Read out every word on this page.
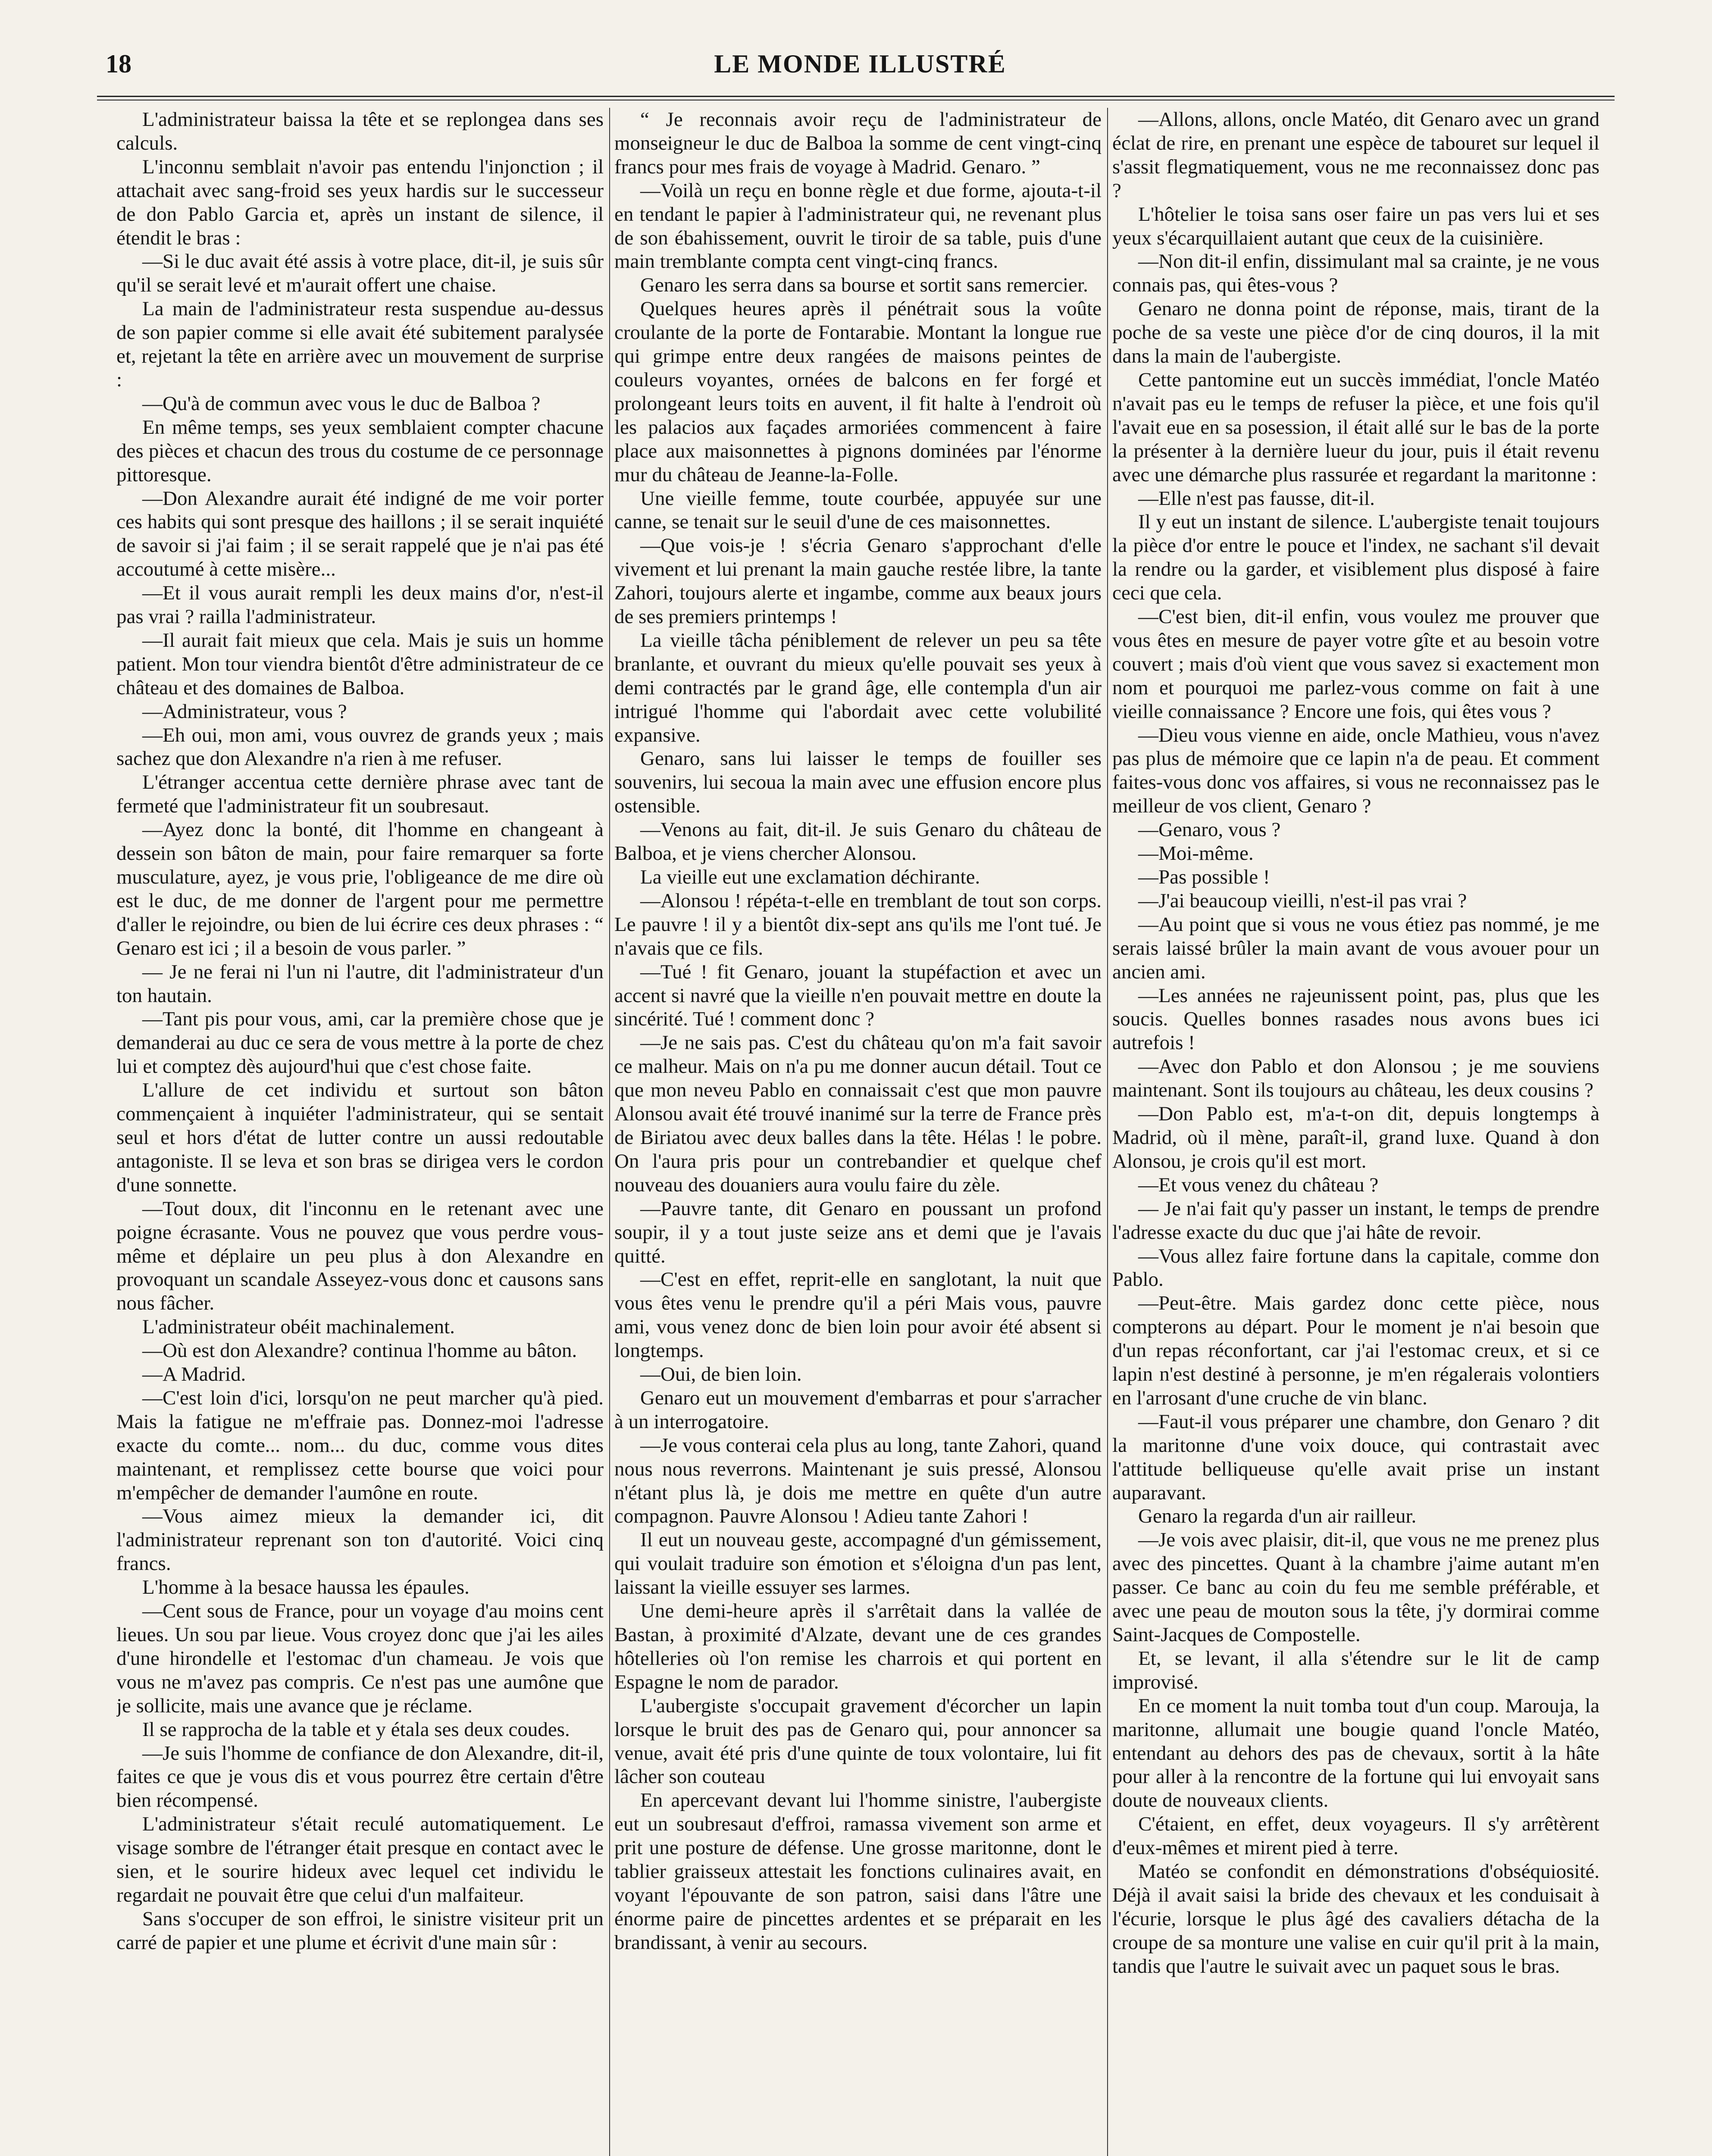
18	LE MONDE ILLUSTRÉ

L'administrateur baissa la tête et se replongea dans ses calculs.

L'inconnu semblait n'avoir pas entendu l'injonction ; il attachait avec sang-froid ses yeux hardis sur le successeur de don Pablo Garcia et, après un instant de silence, il étendit le bras :

—Si le duc avait été assis à votre place, dit-il, je suis sûr qu'il se serait levé et m'aurait offert une chaise.

La main de l'administrateur resta suspendue au-dessus de son papier comme si elle avait été subitement paralysée et, rejetant la tête en arrière avec un mouvement de surprise :

—Qu'à de commun avec vous le duc de Balboa ?

En même temps, ses yeux semblaient compter chacune des pièces et chacun des trous du costume de ce personnage pittoresque.

—Don Alexandre aurait été indigné de me voir porter ces habits qui sont presque des haillons ; il se serait inquiété de savoir si j'ai faim ; il se serait rappelé que je n'ai pas été accoutumé à cette misère...

—Et il vous aurait rempli les deux mains d'or, n'est-il pas vrai ? railla l'administrateur.

—Il aurait fait mieux que cela. Mais je suis un homme patient. Mon tour viendra bientôt d'être administrateur de ce château et des domaines de Balboa.

—Administrateur, vous ?

—Eh oui, mon ami, vous ouvrez de grands yeux ; mais sachez que don Alexandre n'a rien à me refuser.

L'étranger accentua cette dernière phrase avec tant de fermeté que l'administrateur fit un soubresaut.

—Ayez donc la bonté, dit l'homme en changeant à dessein son bâton de main, pour faire remarquer sa forte musculature, ayez, je vous prie, l'obligeance de me dire où est le duc, de me donner de l'argent pour me permettre d'aller le rejoindre, ou bien de lui écrire ces deux phrases : “ Genaro est ici ; il a besoin de vous parler. ”

— Je ne ferai ni l'un ni l'autre, dit l'administrateur d'un ton hautain.

—Tant pis pour vous, ami, car la première chose que je demanderai au duc ce sera de vous mettre à la porte de chez lui et comptez dès aujourd'hui que c'est chose faite.

L'allure de cet individu et surtout son bâton commençaient à inquiéter l'administrateur, qui se sentait seul et hors d'état de lutter contre un aussi redoutable antagoniste. Il se leva et son bras se dirigea vers le cordon d'une sonnette.

—Tout doux, dit l'inconnu en le retenant avec une poigne écrasante. Vous ne pouvez que vous perdre vous-même et déplaire un peu plus à don Alexandre en provoquant un scandale Asseyez-vous donc et causons sans nous fâcher.

L'administrateur obéit machinalement.

—Où est don Alexandre? continua l'homme au bâton.

—A Madrid.

—C'est loin d'ici, lorsqu'on ne peut marcher qu'à pied. Mais la fatigue ne m'effraie pas. Donnez-moi l'adresse exacte du comte... nom... du duc, comme vous dites maintenant, et remplissez cette bourse que voici pour m'empêcher de demander l'aumône en route.

—Vous aimez mieux la demander ici, dit l'administrateur reprenant son ton d'autorité. Voici cinq francs.

L'homme à la besace haussa les épaules.

—Cent sous de France, pour un voyage d'au moins cent lieues. Un sou par lieue. Vous croyez donc que j'ai les ailes d'une hirondelle et l'estomac d'un chameau. Je vois que vous ne m'avez pas compris. Ce n'est pas une aumône que je sollicite, mais une avance que je réclame.

Il se rapprocha de la table et y étala ses deux coudes.

—Je suis l'homme de confiance de don Alexandre, dit-il, faites ce que je vous dis et vous pourrez être certain d'être bien récompensé.

L'administrateur s'était reculé automatiquement. Le visage sombre de l'étranger était presque en contact avec le sien, et le sourire hideux avec lequel cet individu le regardait ne pouvait être que celui d'un malfaiteur.

Sans s'occuper de son effroi, le sinistre visiteur prit un carré de papier et une plume et écrivit d'une main sûr :

“ Je reconnais avoir reçu de l'administrateur de monseigneur le duc de Balboa la somme de cent vingt-cinq francs pour mes frais de voyage à Madrid. Genaro. ”

—Voilà un reçu en bonne règle et due forme, ajouta-t-il en tendant le papier à l'administrateur qui, ne revenant plus de son ébahissement, ouvrit le tiroir de sa table, puis d'une main tremblante compta cent vingt-cinq francs.

Genaro les serra dans sa bourse et sortit sans remercier.

Quelques heures après il pénétrait sous la voûte croulante de la porte de Fontarabie. Montant la longue rue qui grimpe entre deux rangées de maisons peintes de couleurs voyantes, ornées de balcons en fer forgé et prolongeant leurs toits en auvent, il fit halte à l'endroit où les palacios aux façades armoriées commencent à faire place aux maisonnettes à pignons dominées par l'énorme mur du château de Jeanne-la-Folle.

Une vieille femme, toute courbée, appuyée sur une canne, se tenait sur le seuil d'une de ces maisonnettes.

—Que vois-je ! s'écria Genaro s'approchant d'elle vivement et lui prenant la main gauche restée libre, la tante Zahori, toujours alerte et ingambe, comme aux beaux jours de ses premiers printemps !

La vieille tâcha péniblement de relever un peu sa tête branlante, et ouvrant du mieux qu'elle pouvait ses yeux à demi contractés par le grand âge, elle contempla d'un air intrigué l'homme qui l'abordait avec cette volubilité expansive.

Genaro, sans lui laisser le temps de fouiller ses souvenirs, lui secoua la main avec une effusion encore plus ostensible.

—Venons au fait, dit-il. Je suis Genaro du château de Balboa, et je viens chercher Alonsou.

La vieille eut une exclamation déchirante.

—Alonsou ! répéta-t-elle en tremblant de tout son corps. Le pauvre ! il y a bientôt dix-sept ans qu'ils me l'ont tué. Je n'avais que ce fils.

—Tué ! fit Genaro, jouant la stupéfaction et avec un accent si navré que la vieille n'en pouvait mettre en doute la sincérité. Tué ! comment donc ?

—Je ne sais pas. C'est du château qu'on m'a fait savoir ce malheur. Mais on n'a pu me donner aucun détail. Tout ce que mon neveu Pablo en connaissait c'est que mon pauvre Alonsou avait été trouvé inanimé sur la terre de France près de Biriatou avec deux balles dans la tête. Hélas ! le pobre. On l'aura pris pour un contrebandier et quelque chef nouveau des douaniers aura voulu faire du zèle.

—Pauvre tante, dit Genaro en poussant un profond soupir, il y a tout juste seize ans et demi que je l'avais quitté.

—C'est en effet, reprit-elle en sanglotant, la nuit que vous êtes venu le prendre qu'il a péri Mais vous, pauvre ami, vous venez donc de bien loin pour avoir été absent si longtemps.

—Oui, de bien loin.

Genaro eut un mouvement d'embarras et pour s'arracher à un interrogatoire.

—Je vous conterai cela plus au long, tante Zahori, quand nous nous reverrons. Maintenant je suis pressé, Alonsou n'étant plus là, je dois me mettre en quête d'un autre compagnon. Pauvre Alonsou ! Adieu tante Zahori !

Il eut un nouveau geste, accompagné d'un gémissement, qui voulait traduire son émotion et s'éloigna d'un pas lent, laissant la vieille essuyer ses larmes.

Une demi-heure après il s'arrêtait dans la vallée de Bastan, à proximité d'Alzate, devant une de ces grandes hôtelleries où l'on remise les charrois et qui portent en Espagne le nom de parador.

L'aubergiste s'occupait gravement d'écorcher un lapin lorsque le bruit des pas de Genaro qui, pour annoncer sa venue, avait été pris d'une quinte de toux volontaire, lui fit lâcher son couteau

En apercevant devant lui l'homme sinistre, l'aubergiste eut un soubresaut d'effroi, ramassa vivement son arme et prit une posture de défense. Une grosse maritonne, dont le tablier graisseux attestait les fonctions culinaires avait, en voyant l'épouvante de son patron, saisi dans l'âtre une énorme paire de pincettes ardentes et se préparait en les brandissant, à venir au secours.

—Allons, allons, oncle Matéo, dit Genaro avec un grand éclat de rire, en prenant une espèce de tabouret sur lequel il s'assit flegmatiquement, vous ne me reconnaissez donc pas ?

L'hôtelier le toisa sans oser faire un pas vers lui et ses yeux s'écarquillaient autant que ceux de la cuisinière.

—Non dit-il enfin, dissimulant mal sa crainte, je ne vous connais pas, qui êtes-vous ?

Genaro ne donna point de réponse, mais, tirant de la poche de sa veste une pièce d'or de cinq douros, il la mit dans la main de l'aubergiste.

Cette pantomine eut un succès immédiat, l'oncle Matéo n'avait pas eu le temps de refuser la pièce, et une fois qu'il l'avait eue en sa posession, il était allé sur le bas de la porte la présenter à la dernière lueur du jour, puis il était revenu avec une démarche plus rassurée et regardant la maritonne :

—Elle n'est pas fausse, dit-il.

Il y eut un instant de silence. L'aubergiste tenait toujours la pièce d'or entre le pouce et l'index, ne sachant s'il devait la rendre ou la garder, et visiblement plus disposé à faire ceci que cela.

—C'est bien, dit-il enfin, vous voulez me prouver que vous êtes en mesure de payer votre gîte et au besoin votre couvert ; mais d'où vient que vous savez si exactement mon nom et pourquoi me parlez-vous comme on fait à une vieille connaissance ? Encore une fois, qui êtes vous ?

—Dieu vous vienne en aide, oncle Mathieu, vous n'avez pas plus de mémoire que ce lapin n'a de peau. Et comment faites-vous donc vos affaires, si vous ne reconnaissez pas le meilleur de vos client, Genaro ?

—Genaro, vous ?

—Moi-même.

—Pas possible !

—J'ai beaucoup vieilli, n'est-il pas vrai ?

—Au point que si vous ne vous étiez pas nommé, je me serais laissé brûler la main avant de vous avouer pour un ancien ami.

—Les années ne rajeunissent point, pas, plus que les soucis. Quelles bonnes rasades nous avons bues ici autrefois !

—Avec don Pablo et don Alonsou ; je me souviens maintenant. Sont ils toujours au château, les deux cousins ?

—Don Pablo est, m'a-t-on dit, depuis longtemps à Madrid, où il mène, paraît-il, grand luxe. Quand à don Alonsou, je crois qu'il est mort.

—Et vous venez du château ?

— Je n'ai fait qu'y passer un instant, le temps de prendre l'adresse exacte du duc que j'ai hâte de revoir.

—Vous allez faire fortune dans la capitale, comme don Pablo.

—Peut-être. Mais gardez donc cette pièce, nous compterons au départ. Pour le moment je n'ai besoin que d'un repas réconfortant, car j'ai l'estomac creux, et si ce lapin n'est destiné à personne, je m'en régalerais volontiers en l'arrosant d'une cruche de vin blanc.

—Faut-il vous préparer une chambre, don Genaro ? dit la maritonne d'une voix douce, qui contrastait avec l'attitude belliqueuse qu'elle avait prise un instant auparavant.

Genaro la regarda d'un air railleur.

—Je vois avec plaisir, dit-il, que vous ne me prenez plus avec des pincettes. Quant à la chambre j'aime autant m'en passer. Ce banc au coin du feu me semble préférable, et avec une peau de mouton sous la tête, j'y dormirai comme Saint-Jacques de Compostelle.

Et, se levant, il alla s'étendre sur le lit de camp improvisé.

En ce moment la nuit tomba tout d'un coup. Marouja, la maritonne, allumait une bougie quand l'oncle Matéo, entendant au dehors des pas de chevaux, sortit à la hâte pour aller à la rencontre de la fortune qui lui envoyait sans doute de nouveaux clients.

C'étaient, en effet, deux voyageurs. Il s'y arrêtèrent d'eux-mêmes et mirent pied à terre.

Matéo se confondit en démonstrations d'obséquiosité. Déjà il avait saisi la bride des chevaux et les conduisait à l'écurie, lorsque le plus âgé des cavaliers détacha de la croupe de sa monture une valise en cuir qu'il prit à la main, tandis que l'autre le suivait avec un paquet sous le bras.
